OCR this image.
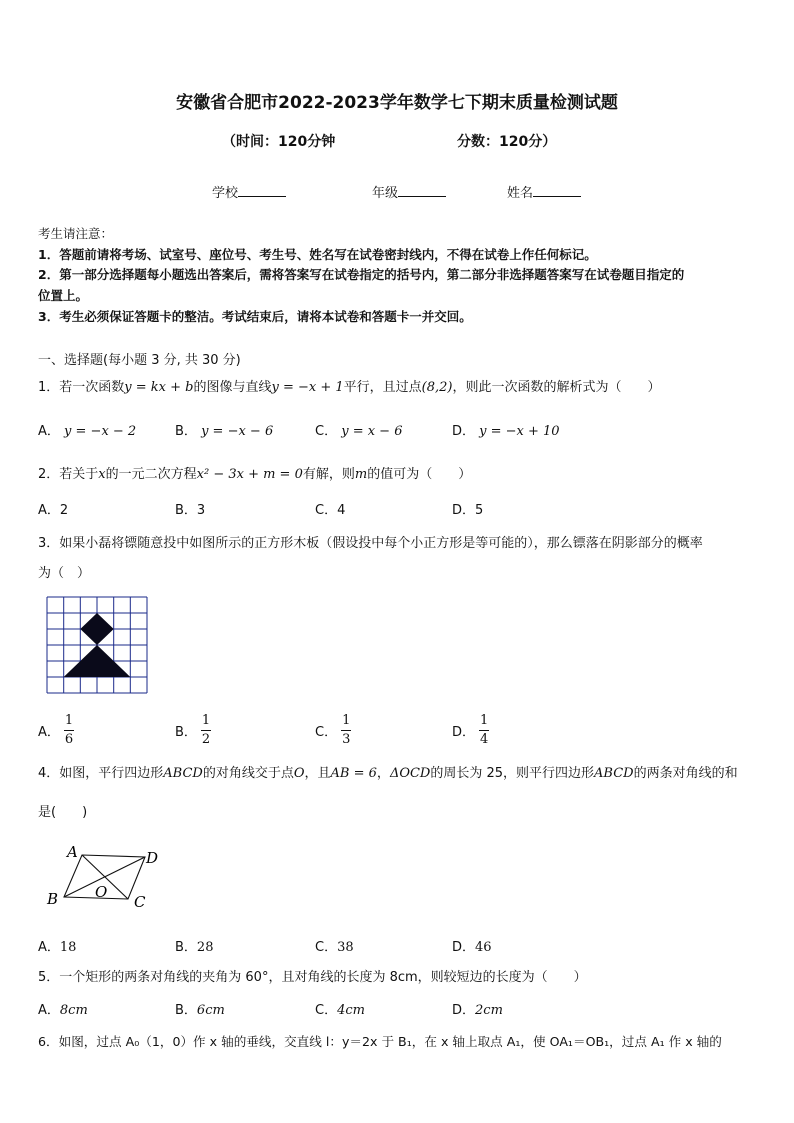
安徽省合肥市2022-2023学年数学七下期末质量检测试题
（时间：120分钟	分数：120分）
学校	年级	姓名
考生请注意：
1．答题前请将考场、试室号、座位号、考生号、姓名写在试卷密封线内，不得在试卷上作任何标记。
2．第一部分选择题每小题选出答案后，需将答案写在试卷指定的括号内，第二部分非选择题答案写在试卷题目指定的
位置上。
3．考生必须保证答题卡的整洁。考试结束后，请将本试卷和答题卡一并交回。
一、选择题(每小题 3 分, 共 30 分)
1．若一次函数y = kx + b的图像与直线y = −x + 1平行，且过点(8,2)，则此一次函数的解析式为（　　）
A． y = −x − 2	B． y = −x − 6	C． y = x − 6	D． y = −x + 10
2．若关于x的一元二次方程x² − 3x + m = 0有解，则m的值可为（　　）
A．2	B．3	C．4	D．5
3．如果小磊将镖随意投中如图所示的正方形木板（假设投中每个小正方形是等可能的），那么镖落在阴影部分的概率
为（　）
A． $\frac{1}{6}$	B． $\frac{1}{2}$	C． $\frac{1}{3}$	D． $\frac{1}{4}$
4．如图，平行四边形ABCD的对角线交于点O，且AB = 6，ΔOCD的周长为 25，则平行四边形ABCD的两条对角线的和
是(　　)
A	D
B	C
O
A．18	B．28	C．38	D．46
5．一个矩形的两条对角线的夹角为 60°，且对角线的长度为 8cm，则较短边的长度为（　　）
A．8cm	B．6cm	C．4cm	D．2cm
6．如图，过点 A₀（1，0）作 x 轴的垂线，交直线 l：y＝2x 于 B₁，在 x 轴上取点 A₁，使 OA₁＝OB₁，过点 A₁ 作 x 轴的
